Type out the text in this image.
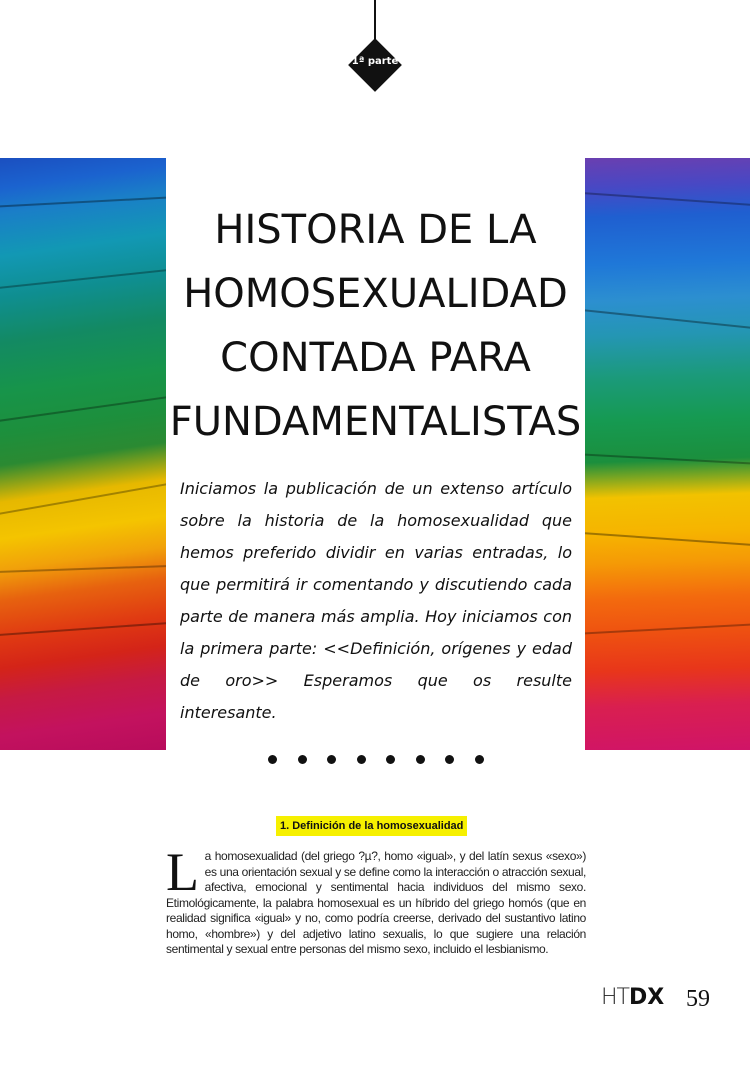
1ª parte
HISTORIA DE LA
HOMOSEXUALIDAD
CONTADA PARA
FUNDAMENTALISTAS

Iniciamos la publicación de un extenso artículo sobre la historia de la homosexualidad que hemos preferido dividir en varias entradas, lo que permitirá ir comentando y discutiendo cada parte de manera más amplia. Hoy iniciamos con la primera parte: <<Definición, orígenes y edad de oro>> Esperamos que os resulte interesante.

1. Definición de la homosexualidad
L a homosexualidad (del griego ?µ?, homo «igual», y del latín sexus «sexo») es una orientación sexual y se define como la interacción o atracción sexual, afectiva, emocional y sentimental hacia individuos del mismo sexo. Etimológicamente, la palabra homosexual es un híbrido del griego homós (que en realidad significa «igual» y no, como podría creerse, derivado del sustantivo latino homo, «hombre») y del adjetivo latino sexualis, lo que sugiere una relación sentimental y sexual entre personas del mismo sexo, incluido el lesbianismo.
HTDX 59
